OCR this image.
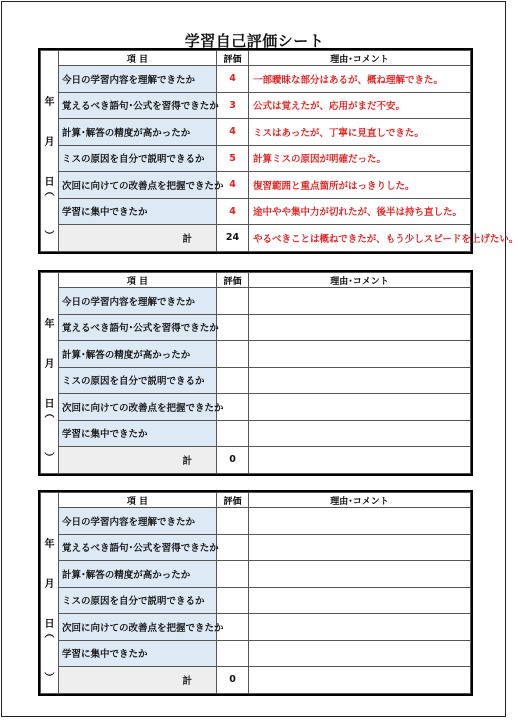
学習自己評価シート
年
月
日
︵
︶	項 目	評価	理由･コメント
	今日の学習内容を理解できたか	4	一部曖昧な部分はあるが、概ね理解できた。
	覚えるべき語句･公式を習得できたか	3	公式は覚えたが、応用がまだ不安。
	計算･解答の精度が高かったか	4	ミスはあったが、丁寧に見直しできた。
	ミスの原因を自分で説明できるか	5	計算ミスの原因が明確だった。
	次回に向けての改善点を把握できたか	4	復習範囲と重点箇所がはっきりした。
	学習に集中できたか	4	途中やや集中力が切れたが、後半は持ち直した。
	計	24	やるべきことは概ねできたが、もう少しスピードを上げたい。
年
月
日
︵
︶	項 目	評価	理由･コメント
	今日の学習内容を理解できたか		
	覚えるべき語句･公式を習得できたか		
	計算･解答の精度が高かったか		
	ミスの原因を自分で説明できるか		
	次回に向けての改善点を把握できたか		
	学習に集中できたか		
	計	0	
年
月
日
︵
︶	項 目	評価	理由･コメント
	今日の学習内容を理解できたか		
	覚えるべき語句･公式を習得できたか		
	計算･解答の精度が高かったか		
	ミスの原因を自分で説明できるか		
	次回に向けての改善点を把握できたか		
	学習に集中できたか		
	計	0	
